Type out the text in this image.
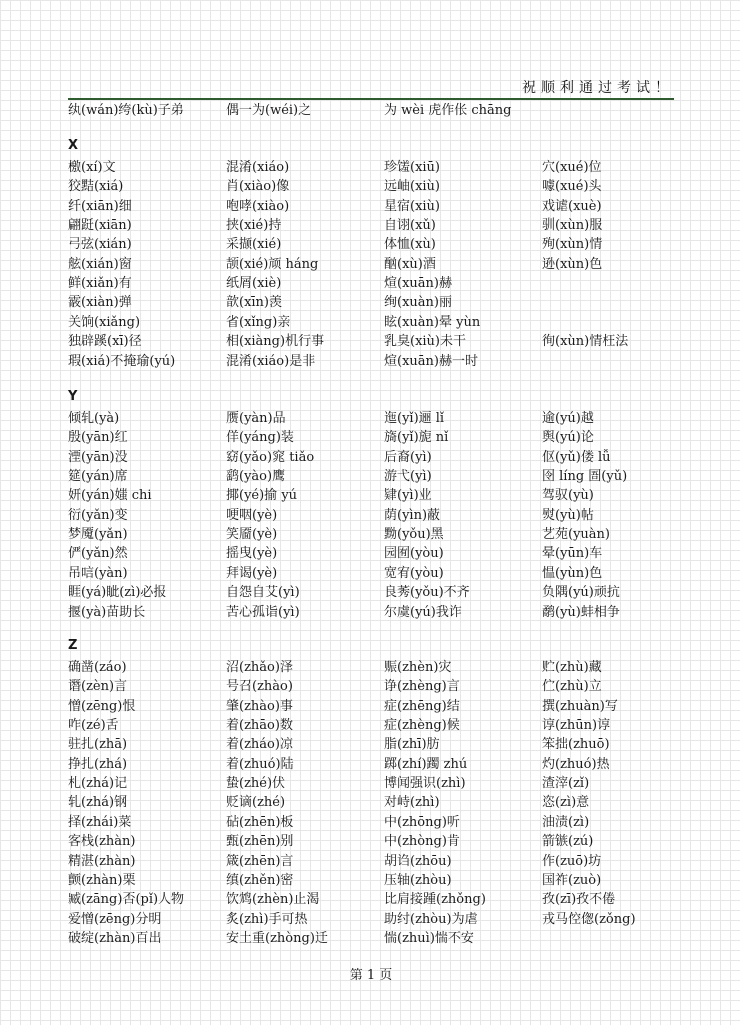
祝顺利通过考试！
纨(wán)绔(kù)子弟	偶一为(wéi)之	为 wèi 虎作伥 chāng
X
檄(xí)文	混淆(xiáo)	珍馐(xiū)	穴(xué)位
狡黠(xiá)	肖(xiào)像	远岫(xiù)	噱(xué)头
纤(xiān)细	咆哮(xiào)	星宿(xiù)	戏谑(xuè)
翩跹(xiān)	挟(xié)持	自诩(xǔ)	驯(xùn)服
弓弦(xián)	采撷(xié)	体恤(xù)	殉(xùn)情
舷(xián)窗	颉(xié)颃 háng	酗(xù)酒	逊(xùn)色
鲜(xiǎn)有	纸屑(xiè)	煊(xuān)赫
霰(xiàn)弹	歆(xīn)羡	绚(xuàn)丽
关饷(xiǎng)	省(xǐng)亲	眩(xuàn)晕 yùn
独辟蹊(xī)径	相(xiàng)机行事	乳臭(xiù)未干	徇(xùn)情枉法
瑕(xiá)不掩瑜(yú)	混淆(xiáo)是非	煊(xuān)赫一时
Y
倾轧(yà)	赝(yàn)品	迤(yǐ)逦 lǐ	逾(yú)越
殷(yān)红	佯(yáng)装	旖(yǐ)旎 nǐ	舆(yú)论
湮(yān)没	窈(yǎo)窕 tiǎo	后裔(yì)	伛(yǔ)偻 lǚ
筵(yán)席	鹞(yào)鹰	游弋(yì)	囹 líng 圄(yǔ)
妍(yán)媸 chi	揶(yé)揄 yú	肄(yì)业	驾驭(yù)
衍(yǎn)变	哽咽(yè)	荫(yìn)蔽	熨(yù)帖
梦魇(yǎn)	笑靥(yè)	黝(yǒu)黑	艺苑(yuàn)
俨(yǎn)然	摇曳(yè)	园囿(yòu)	晕(yūn)车
吊唁(yàn)	拜谒(yè)	宽宥(yòu)	愠(yùn)色
睚(yá)眦(zì)必报	自怨自艾(yì)	良莠(yǒu)不齐	负隅(yú)顽抗
揠(yà)苗助长	苦心孤诣(yì)	尔虞(yú)我诈	鹬(yù)蚌相争
Z
确凿(záo)	沼(zhǎo)泽	赈(zhèn)灾	贮(zhù)藏
谮(zèn)言	号召(zhào)	诤(zhèng)言	伫(zhù)立
憎(zēng)恨	肇(zhào)事	症(zhēng)结	撰(zhuàn)写
咋(zé)舌	着(zhāo)数	症(zhèng)候	谆(zhūn)谆
驻扎(zhā)	着(zháo)凉	脂(zhī)肪	笨拙(zhuō)
挣扎(zhá)	着(zhuó)陆	踯(zhí)躅 zhú	灼(zhuó)热
札(zhá)记	蛰(zhé)伏	博闻强识(zhì)	渣滓(zǐ)
轧(zhá)钢	贬谪(zhé)	对峙(zhì)	恣(zì)意
择(zhái)菜	砧(zhēn)板	中(zhōng)听	油渍(zì)
客栈(zhàn)	甄(zhēn)别	中(zhòng)肯	箭镞(zú)
精湛(zhàn)	箴(zhēn)言	胡诌(zhōu)	作(zuō)坊
颤(zhàn)栗	缜(zhěn)密	压轴(zhòu)	国祚(zuò)
臧(zāng)否(pǐ)人物	饮鸩(zhèn)止渴	比肩接踵(zhǒng)	孜(zī)孜不倦
爱憎(zēng)分明	炙(zhì)手可热	助纣(zhòu)为虐	戎马倥偬(zǒng)
破绽(zhàn)百出	安土重(zhòng)迁	惴(zhuì)惴不安
第 1 页
